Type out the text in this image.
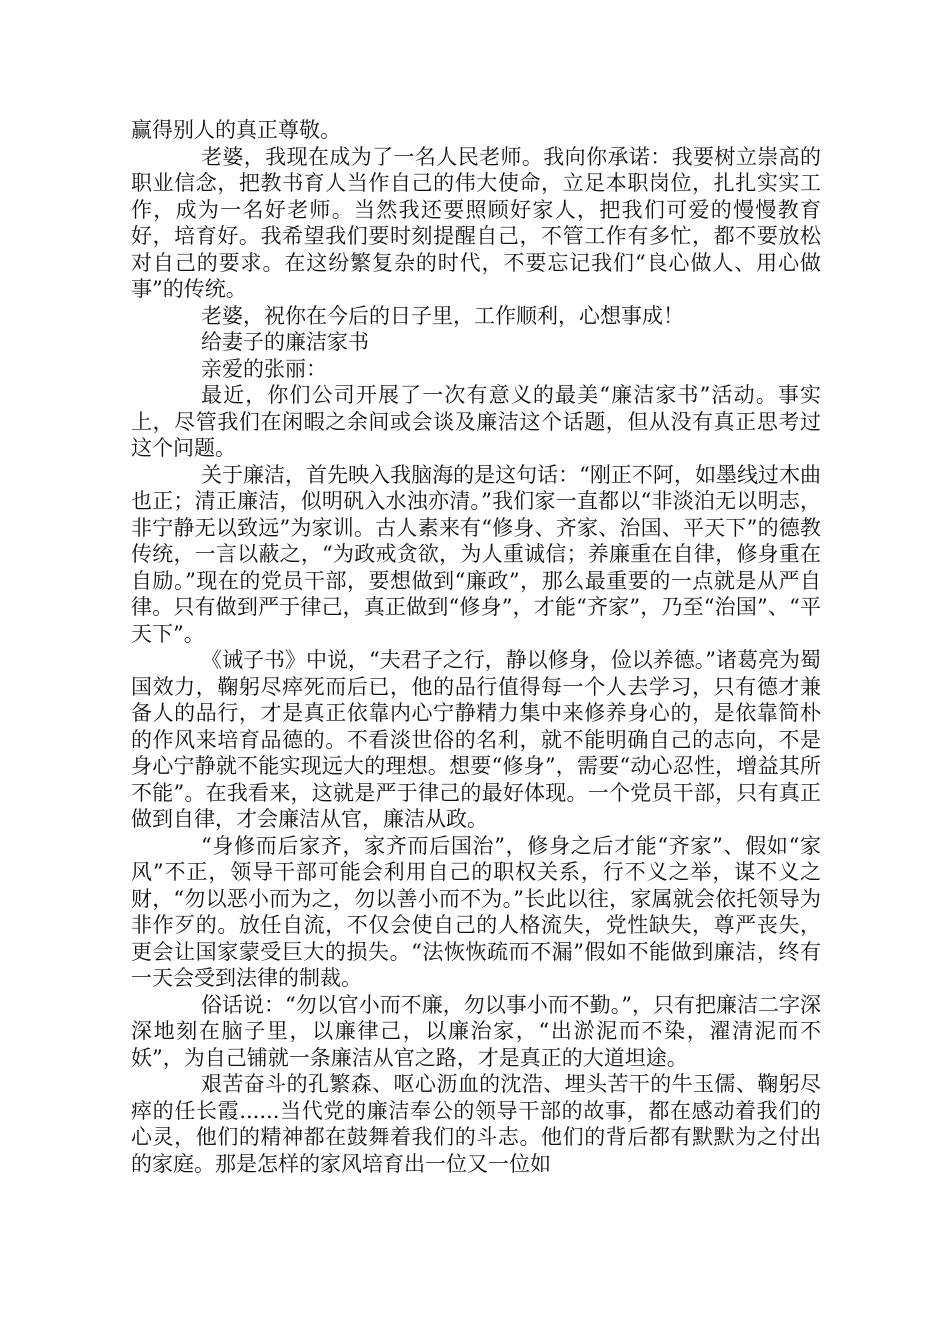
赢得别人的真正尊敬。

老婆，我现在成为了一名人民老师。我向你承诺：我要树立崇高的职业信念，把教书育人当作自己的伟大使命，立足本职岗位，扎扎实实工作，成为一名好老师。当然我还要照顾好家人，把我们可爱的慢慢教育好，培育好。我希望我们要时刻提醒自己，不管工作有多忙，都不要放松对自己的要求。在这纷繁复杂的时代，不要忘记我们“良心做人、用心做事”的传统。

老婆，祝你在今后的日子里，工作顺利，心想事成！

给妻子的廉洁家书

亲爱的张丽：

最近，你们公司开展了一次有意义的最美“廉洁家书”活动。事实上，尽管我们在闲暇之余间或会谈及廉洁这个话题，但从没有真正思考过这个问题。

关于廉洁，首先映入我脑海的是这句话：“刚正不阿，如墨线过木曲也正；清正廉洁，似明矾入水浊亦清。”我们家一直都以“非淡泊无以明志，非宁静无以致远”为家训。古人素来有“修身、齐家、治国、平天下”的德教传统，一言以蔽之，“为政戒贪欲，为人重诚信；养廉重在自律，修身重在自励。”现在的党员干部，要想做到“廉政”，那么最重要的一点就是从严自律。只有做到严于律己，真正做到“修身”，才能“齐家”，乃至“治国”、“平天下”。

《诫子书》中说，“夫君子之行，静以修身，俭以养德。”诸葛亮为蜀国效力，鞠躬尽瘁死而后已，他的品行值得每一个人去学习，只有德才兼备人的品行，才是真正依靠内心宁静精力集中来修养身心的，是依靠简朴的作风来培育品德的。不看淡世俗的名利，就不能明确自己的志向，不是身心宁静就不能实现远大的理想。想要“修身”，需要“动心忍性，增益其所不能”。在我看来，这就是严于律己的最好体现。一个党员干部，只有真正做到自律，才会廉洁从官，廉洁从政。

“身修而后家齐，家齐而后国治”，修身之后才能“齐家”、假如“家风”不正，领导干部可能会利用自己的职权关系，行不义之举，谋不义之财，“勿以恶小而为之，勿以善小而不为。”长此以往，家属就会依托领导为非作歹的。放任自流，不仅会使自己的人格流失，党性缺失，尊严丧失，更会让国家蒙受巨大的损失。“法恢恢疏而不漏”假如不能做到廉洁，终有一天会受到法律的制裁。

俗话说：“勿以官小而不廉，勿以事小而不勤。”，只有把廉洁二字深深地刻在脑子里，以廉律己，以廉治家，“出淤泥而不染，濯清泥而不妖”，为自己铺就一条廉洁从官之路，才是真正的大道坦途。

艰苦奋斗的孔繁森、呕心沥血的沈浩、埋头苦干的牛玉儒、鞠躬尽瘁的任长霞......当代党的廉洁奉公的领导干部的故事，都在感动着我们的心灵，他们的精神都在鼓舞着我们的斗志。他们的背后都有默默为之付出的家庭。那是怎样的家风培育出一位又一位如
